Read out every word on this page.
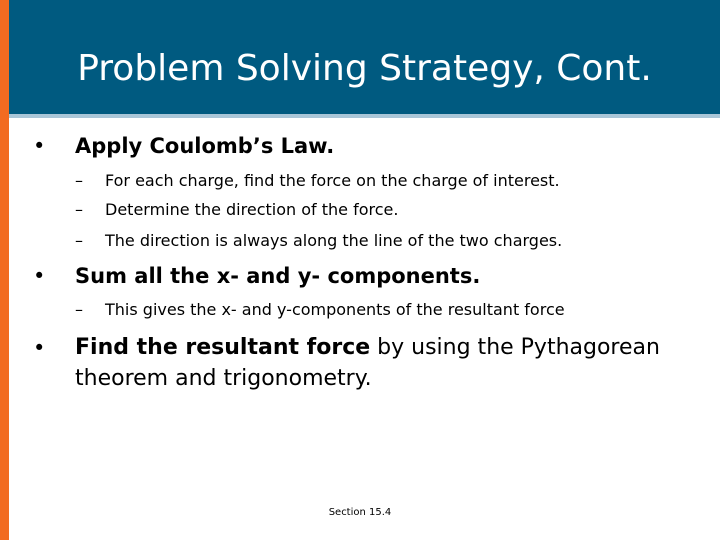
Problem Solving Strategy, Cont.
• Apply Coulomb’s Law.
– For each charge, find the force on the charge of interest.
– Determine the direction of the force.
– The direction is always along the line of the two charges.
• Sum all the x- and y- components.
– This gives the x- and y-components of the resultant force
• Find the resultant force by using the Pythagorean
theorem and trigonometry.
Section 15.4
